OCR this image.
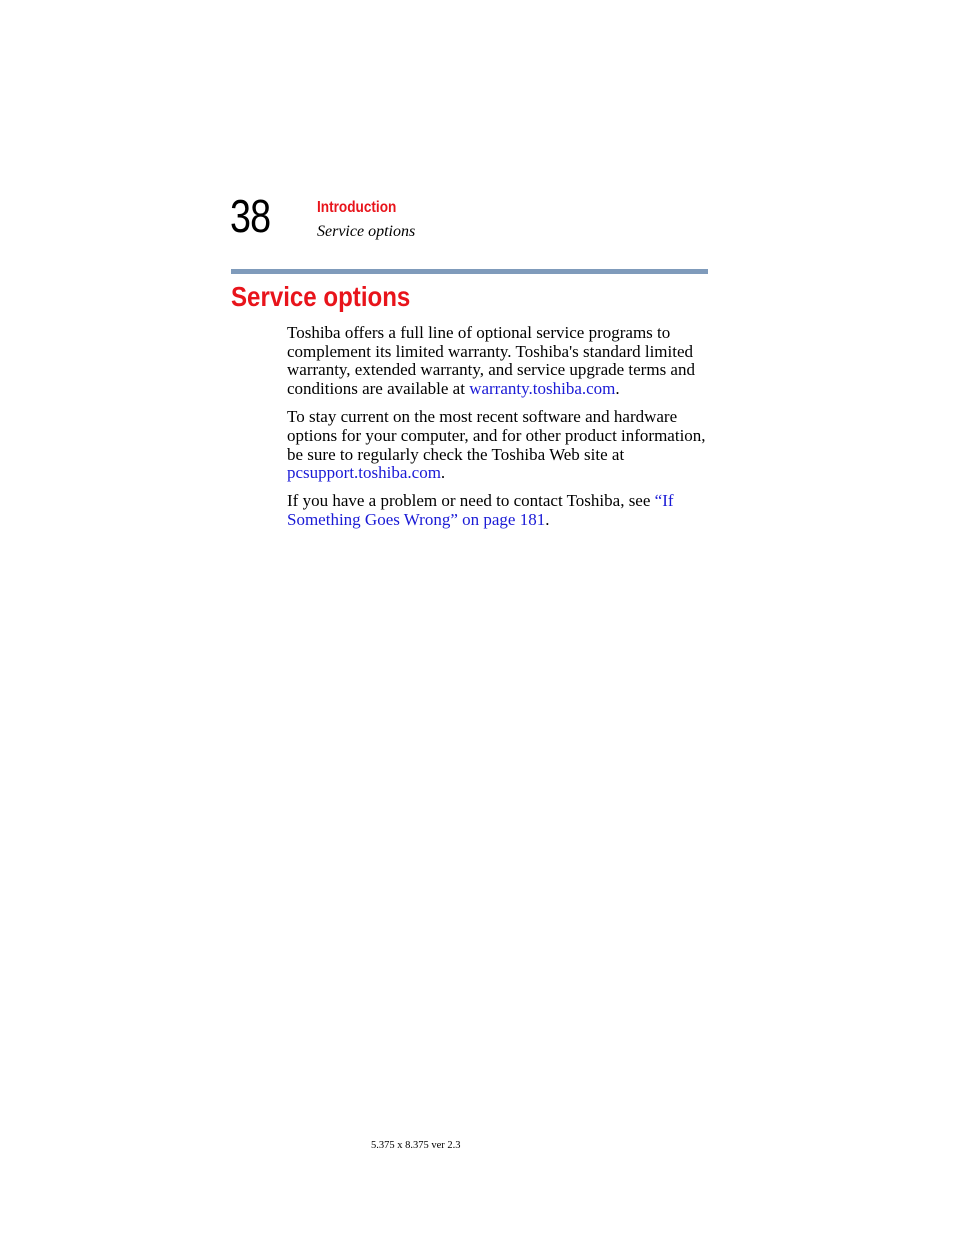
38	Introduction
Service options
Service options

Toshiba offers a full line of optional service programs to complement its limited warranty. Toshiba's standard limited warranty, extended warranty, and service upgrade terms and conditions are available at warranty.toshiba.com.

To stay current on the most recent software and hardware options for your computer, and for other product information, be sure to regularly check the Toshiba Web site at pcsupport.toshiba.com.

If you have a problem or need to contact Toshiba, see “If Something Goes Wrong” on page 181.

5.375 x 8.375 ver 2.3
